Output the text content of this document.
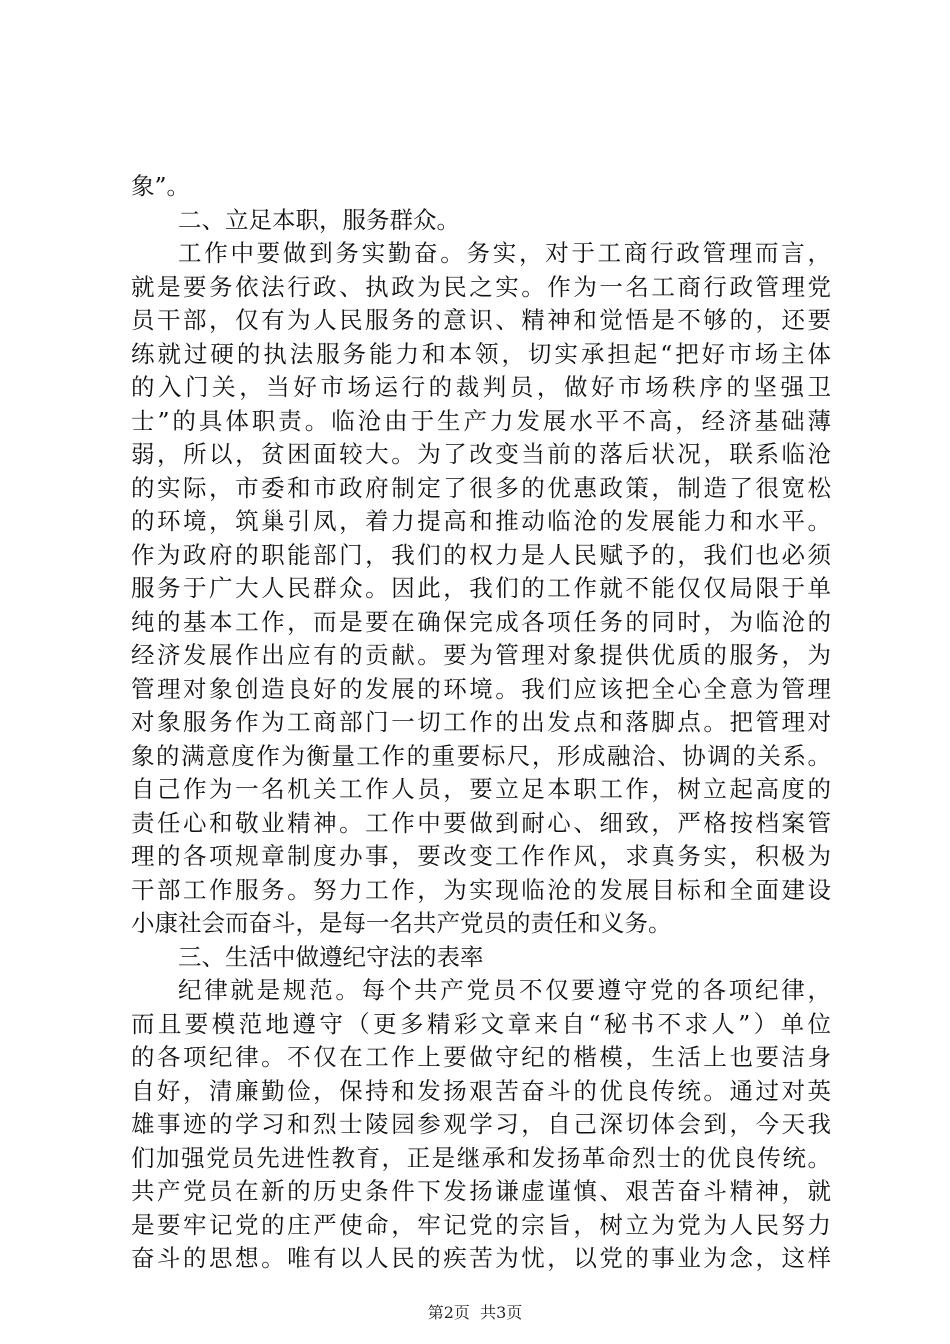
象”。
二、立足本职，服务群众。
工作中要做到务实勤奋。务实，对于工商行政管理而言，
就是要务依法行政、执政为民之实。作为一名工商行政管理党
员干部，仅有为人民服务的意识、精神和觉悟是不够的，还要
练就过硬的执法服务能力和本领，切实承担起“把好市场主体
的入门关，当好市场运行的裁判员，做好市场秩序的坚强卫
士”的具体职责。临沧由于生产力发展水平不高，经济基础薄
弱，所以，贫困面较大。为了改变当前的落后状况，联系临沧
的实际，市委和市政府制定了很多的优惠政策，制造了很宽松
的环境，筑巢引凤，着力提高和推动临沧的发展能力和水平。
作为政府的职能部门，我们的权力是人民赋予的，我们也必须
服务于广大人民群众。因此，我们的工作就不能仅仅局限于单
纯的基本工作，而是要在确保完成各项任务的同时，为临沧的
经济发展作出应有的贡献。要为管理对象提供优质的服务，为
管理对象创造良好的发展的环境。我们应该把全心全意为管理
对象服务作为工商部门一切工作的出发点和落脚点。把管理对
象的满意度作为衡量工作的重要标尺，形成融洽、协调的关系。
自己作为一名机关工作人员，要立足本职工作，树立起高度的
责任心和敬业精神。工作中要做到耐心、细致，严格按档案管
理的各项规章制度办事，要改变工作作风，求真务实，积极为
干部工作服务。努力工作，为实现临沧的发展目标和全面建设
小康社会而奋斗，是每一名共产党员的责任和义务。
三、生活中做遵纪守法的表率
纪律就是规范。每个共产党员不仅要遵守党的各项纪律，
而且要模范地遵守（更多精彩文章来自“秘书不求人”）单位
的各项纪律。不仅在工作上要做守纪的楷模，生活上也要洁身
自好，清廉勤俭，保持和发扬艰苦奋斗的优良传统。通过对英
雄事迹的学习和烈士陵园参观学习，自己深切体会到，今天我
们加强党员先进性教育，正是继承和发扬革命烈士的优良传统。
共产党员在新的历史条件下发扬谦虚谨慎、艰苦奋斗精神，就
是要牢记党的庄严使命，牢记党的宗旨，树立为党为人民努力
奋斗的思想。唯有以人民的疾苦为忧，以党的事业为念，这样
第2页  共3页
